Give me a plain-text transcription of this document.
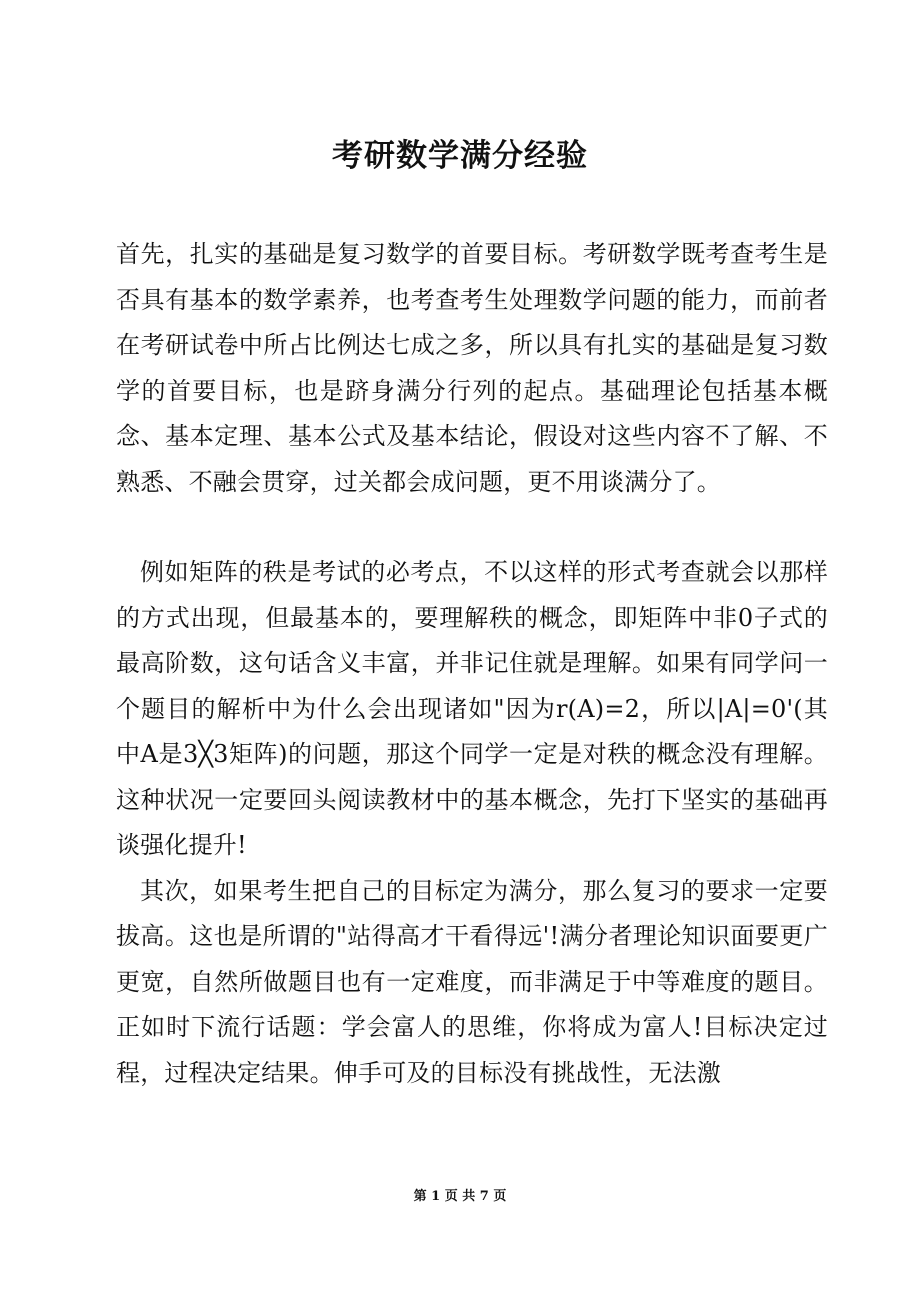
考研数学满分经验

首先，扎实的基础是复习数学的首要目标。考研数学既考查考生是否具有基本的数学素养，也考查考生处理数学问题的能力，而前者在考研试卷中所占比例达七成之多，所以具有扎实的基础是复习数学的首要目标，也是跻身满分行列的起点。基础理论包括基本概念、基本定理、基本公式及基本结论，假设对这些内容不了解、不熟悉、不融会贯穿，过关都会成问题，更不用谈满分了。

例如矩阵的秩是考试的必考点，不以这样的形式考查就会以那样的方式出现，但最基本的，要理解秩的概念，即矩阵中非0子式的最高阶数，这句话含义丰富，并非记住就是理解。如果有同学问一个题目的解析中为什么会出现诸如"因为r(A)=2，所以|A|=0'(其中A是3╳3矩阵)的问题，那这个同学一定是对秩的概念没有理解。这种状况一定要回头阅读教材中的基本概念，先打下坚实的基础再谈强化提升!

其次，如果考生把自己的目标定为满分，那么复习的要求一定要拔高。这也是所谓的"站得高才干看得远'!满分者理论知识面要更广更宽，自然所做题目也有一定难度，而非满足于中等难度的题目。正如时下流行话题：学会富人的思维，你将成为富人!目标决定过程，过程决定结果。伸手可及的目标没有挑战性，无法激

第 1 页 共 7 页
